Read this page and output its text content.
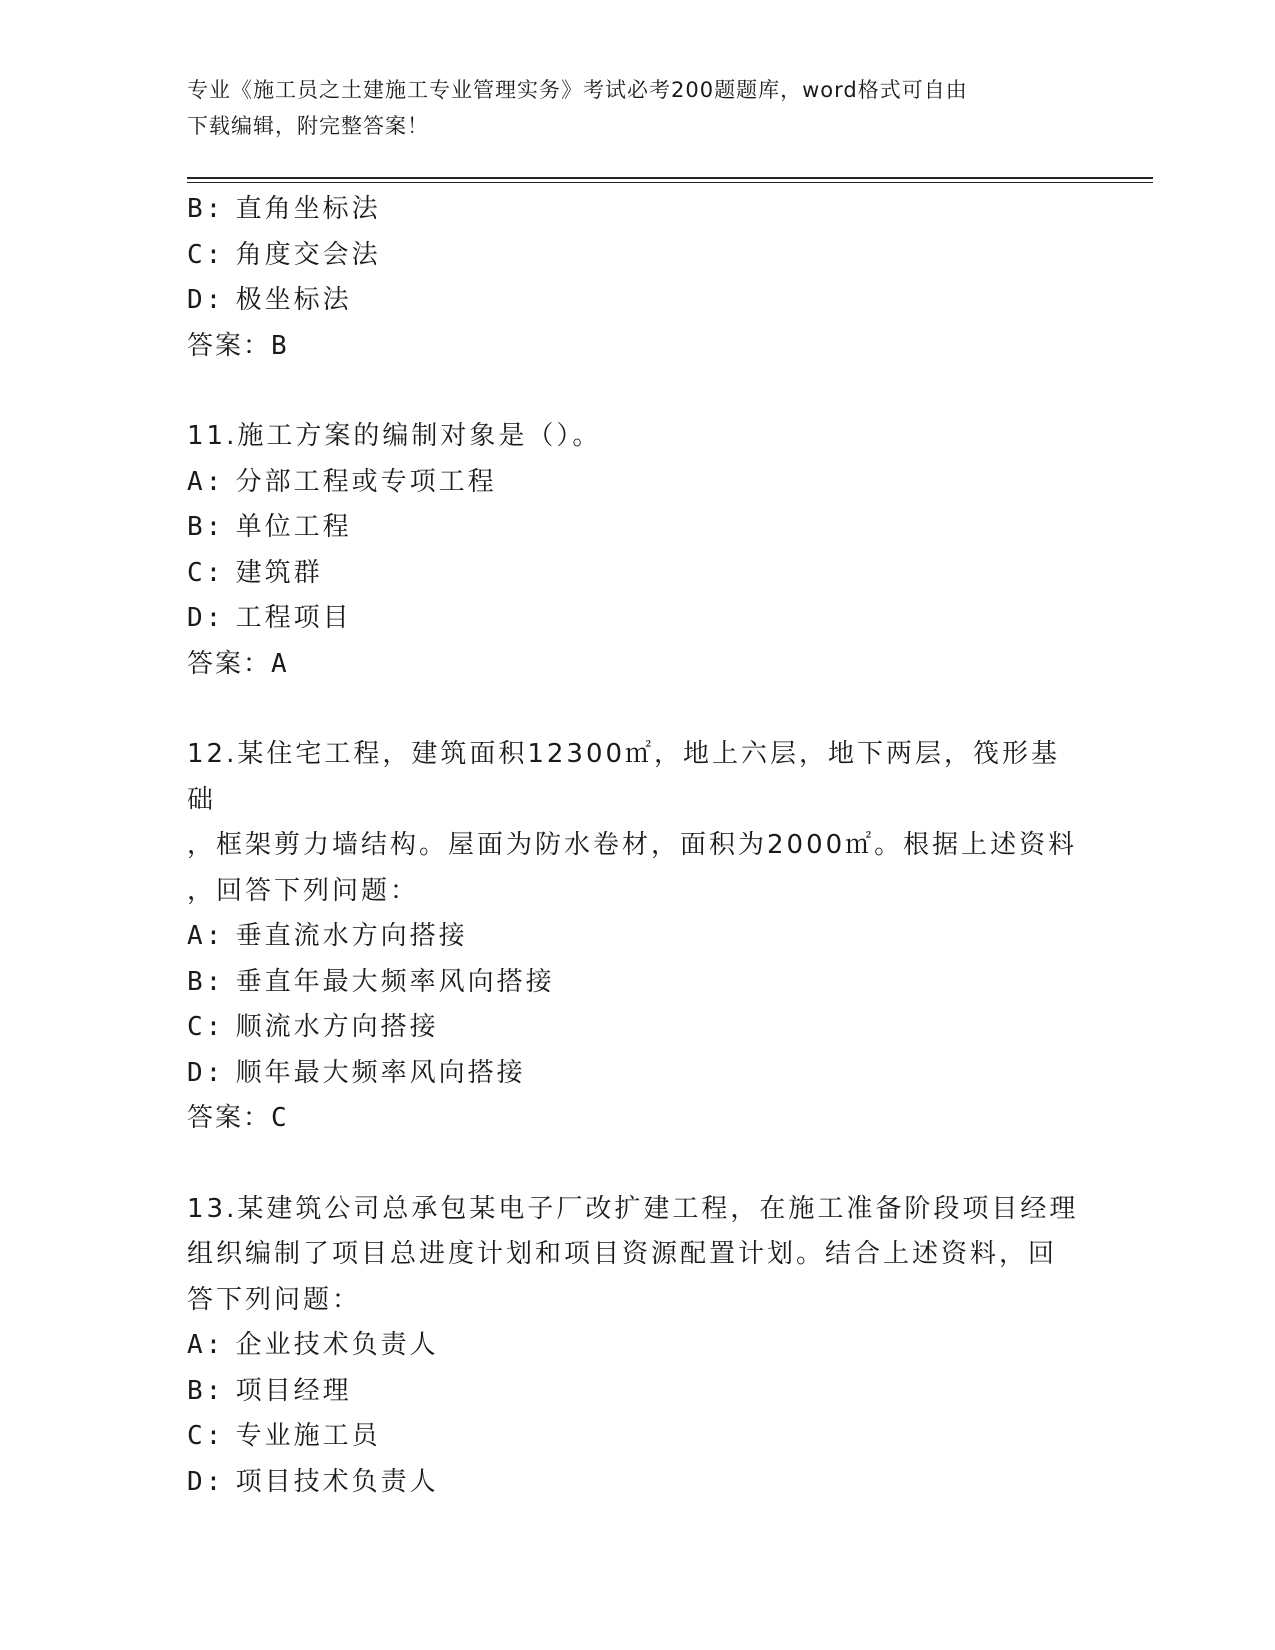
专业《施工员之土建施工专业管理实务》考试必考200题题库，word格式可自由
下载编辑，附完整答案！
B: 直角坐标法
C: 角度交会法
D: 极坐标法
答案：B
11.施工方案的编制对象是（）。
A: 分部工程或专项工程
B: 单位工程
C: 建筑群
D: 工程项目
答案：A
12.某住宅工程，建筑面积12300㎡，地上六层，地下两层，筏形基础
，框架剪力墙结构。屋面为防水卷材，面积为2000㎡。根据上述资料
，回答下列问题：
A: 垂直流水方向搭接
B: 垂直年最大频率风向搭接
C: 顺流水方向搭接
D: 顺年最大频率风向搭接
答案：C
13.某建筑公司总承包某电子厂改扩建工程，在施工准备阶段项目经理
组织编制了项目总进度计划和项目资源配置计划。结合上述资料，回
答下列问题：
A: 企业技术负责人
B: 项目经理
C: 专业施工员
D: 项目技术负责人
